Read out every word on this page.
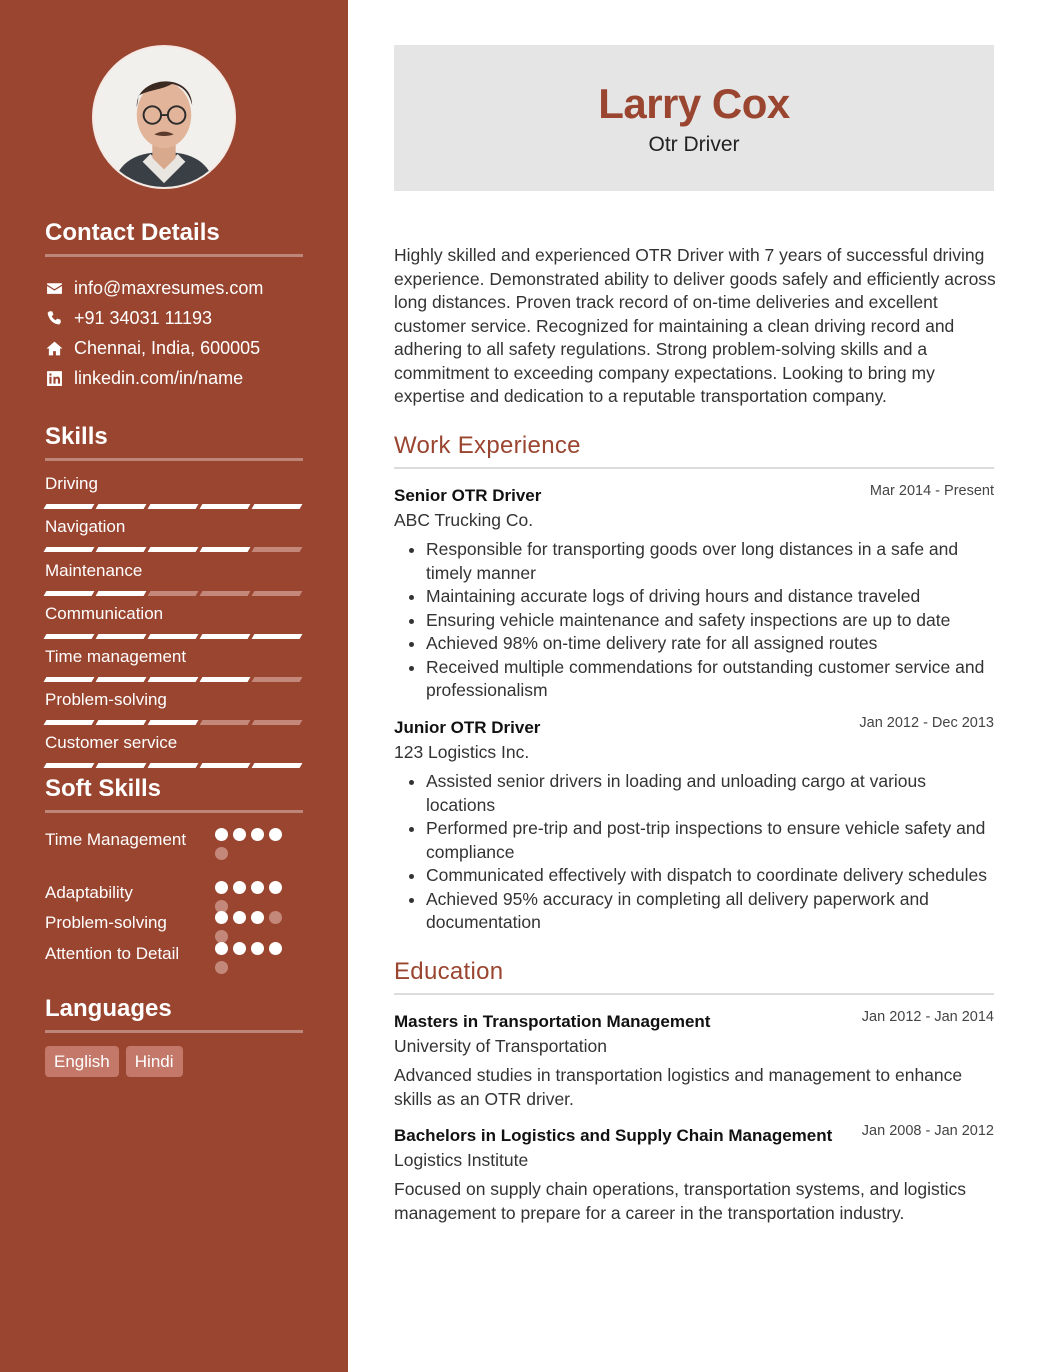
Contact Details
info@maxresumes.com
+91 34031 11193
Chennai, India, 600005
linkedin.com/in/name
Skills
Driving
Navigation
Maintenance
Communication
Time management
Problem-solving
Customer service
Soft Skills
Time Management
Adaptability
Problem-solving
Attention to Detail
Languages
English	Hindi
Larry Cox
Otr Driver
Highly skilled and experienced OTR Driver with 7 years of successful driving experience. Demonstrated ability to deliver goods safely and efficiently across long distances. Proven track record of on-time deliveries and excellent customer service. Recognized for maintaining a clean driving record and adhering to all safety regulations. Strong problem-solving skills and a commitment to exceeding company expectations. Looking to bring my expertise and dedication to a reputable transportation company.
Work Experience
Senior OTR Driver	Mar 2014 - Present
ABC Trucking Co.
• Responsible for transporting goods over long distances in a safe and timely manner
• Maintaining accurate logs of driving hours and distance traveled
• Ensuring vehicle maintenance and safety inspections are up to date
• Achieved 98% on-time delivery rate for all assigned routes
• Received multiple commendations for outstanding customer service and professionalism
Junior OTR Driver	Jan 2012 - Dec 2013
123 Logistics Inc.
• Assisted senior drivers in loading and unloading cargo at various locations
• Performed pre-trip and post-trip inspections to ensure vehicle safety and compliance
• Communicated effectively with dispatch to coordinate delivery schedules
• Achieved 95% accuracy in completing all delivery paperwork and documentation
Education
Masters in Transportation Management	Jan 2012 - Jan 2014
University of Transportation
Advanced studies in transportation logistics and management to enhance skills as an OTR driver.
Bachelors in Logistics and Supply Chain Management	Jan 2008 - Jan 2012
Logistics Institute
Focused on supply chain operations, transportation systems, and logistics management to prepare for a career in the transportation industry.
